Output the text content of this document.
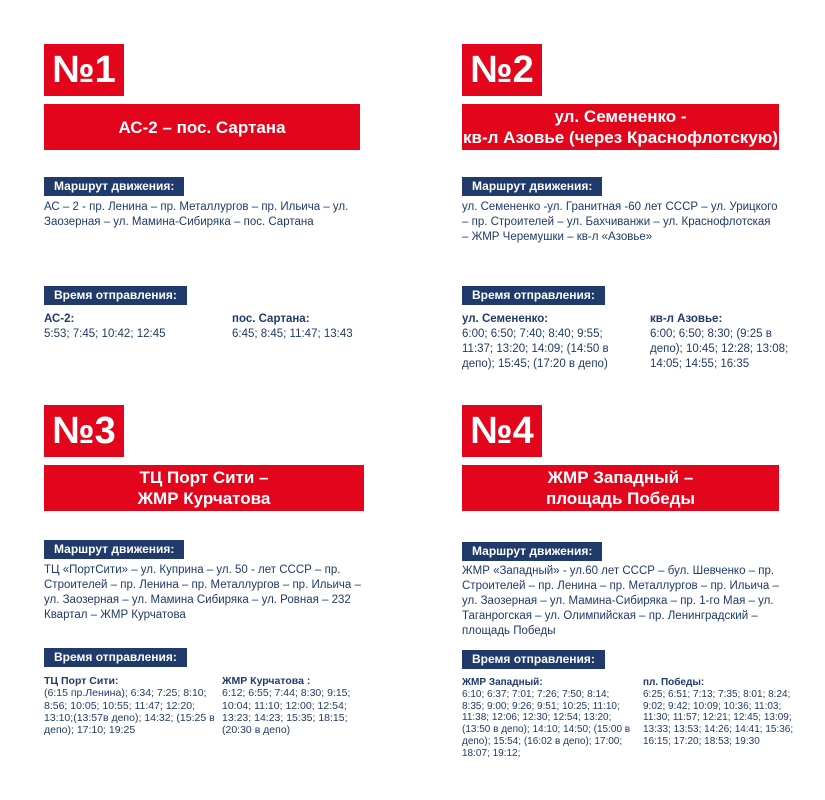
№1
АС-2 – пос. Сартана
Маршрут движения:
АС – 2 - пр. Ленина – пр. Металлургов – пр. Ильича – ул. Заозерная – ул. Мамина-Сибиряка – пос. Сартана
Время отправления:
АС-2:
5:53; 7:45; 10:42; 12:45
пос. Сартана:
6:45; 8:45; 11:47; 13:43
№2
ул. Семененко -
кв-л Азовье (через Краснофлотскую)
Маршрут движения:
ул. Семененко -ул. Гранитная -60 лет СССР – ул. Урицкого – пр. Строителей – ул. Бахчиванжи – ул. Краснофлотская – ЖМР Черемушки – кв-л «Азовье»
Время отправления:
ул. Семененко:
6:00; 6:50; 7:40; 8:40; 9:55; 11:37; 13:20; 14:09; (14:50 в депо); 15:45; (17:20 в депо)
кв-л Азовье:
6:00; 6:50; 8:30; (9:25 в депо); 10:45; 12:28; 13:08; 14:05; 14:55; 16:35
№3
ТЦ Порт Сити –
ЖМР Курчатова
Маршрут движения:
ТЦ «ПортСити» – ул. Куприна – ул. 50 - лет СССР – пр. Строителей – пр. Ленина – пр. Металлургов – пр. Ильича – ул. Заозерная – ул. Мамина Сибиряка – ул. Ровная – 232 Квартал – ЖМР Курчатова
Время отправления:
ТЦ Порт Сити:
(6:15 пр.Ленина); 6:34; 7:25; 8:10; 8:56; 10:05; 10:55; 11:47; 12:20; 13:10;(13:57в депо); 14:32; (15:25 в депо); 17:10; 19:25
ЖМР Курчатова :
6:12; 6:55; 7:44; 8:30; 9:15; 10:04; 11:10; 12:00; 12:54; 13:23; 14:23; 15:35; 18:15; (20:30 в депо)
№4
ЖМР Западный –
площадь Победы
Маршрут движения:
ЖМР «Западный» - ул.60 лет СССР – бул. Шевченко – пр. Строителей – пр. Ленина – пр. Металлургов – пр. Ильича – ул. Заозерная – ул. Мамина-Сибиряка – пр. 1-го Мая – ул. Таганрогская – ул. Олимпийская – пр. Ленинградский – площадь Победы
Время отправления:
ЖМР Западный:
6:10; 6:37; 7:01; 7:26; 7:50; 8:14; 8:35; 9:00; 9:26; 9:51; 10:25; 11:10; 11:38; 12:06; 12:30; 12:54; 13:20; (13:50 в депо); 14:10; 14:50; (15:00 в депо); 15:54; (16:02 в депо); 17:00; 18:07; 19:12;
пл. Победы:
6:25; 6:51; 7:13; 7:35; 8:01; 8:24; 9:02; 9:42; 10:09; 10:36; 11:03; 11:30; 11:57; 12:21; 12:45; 13:09; 13:33; 13:53; 14:26; 14:41; 15:36; 16:15; 17:20; 18:53; 19:30
